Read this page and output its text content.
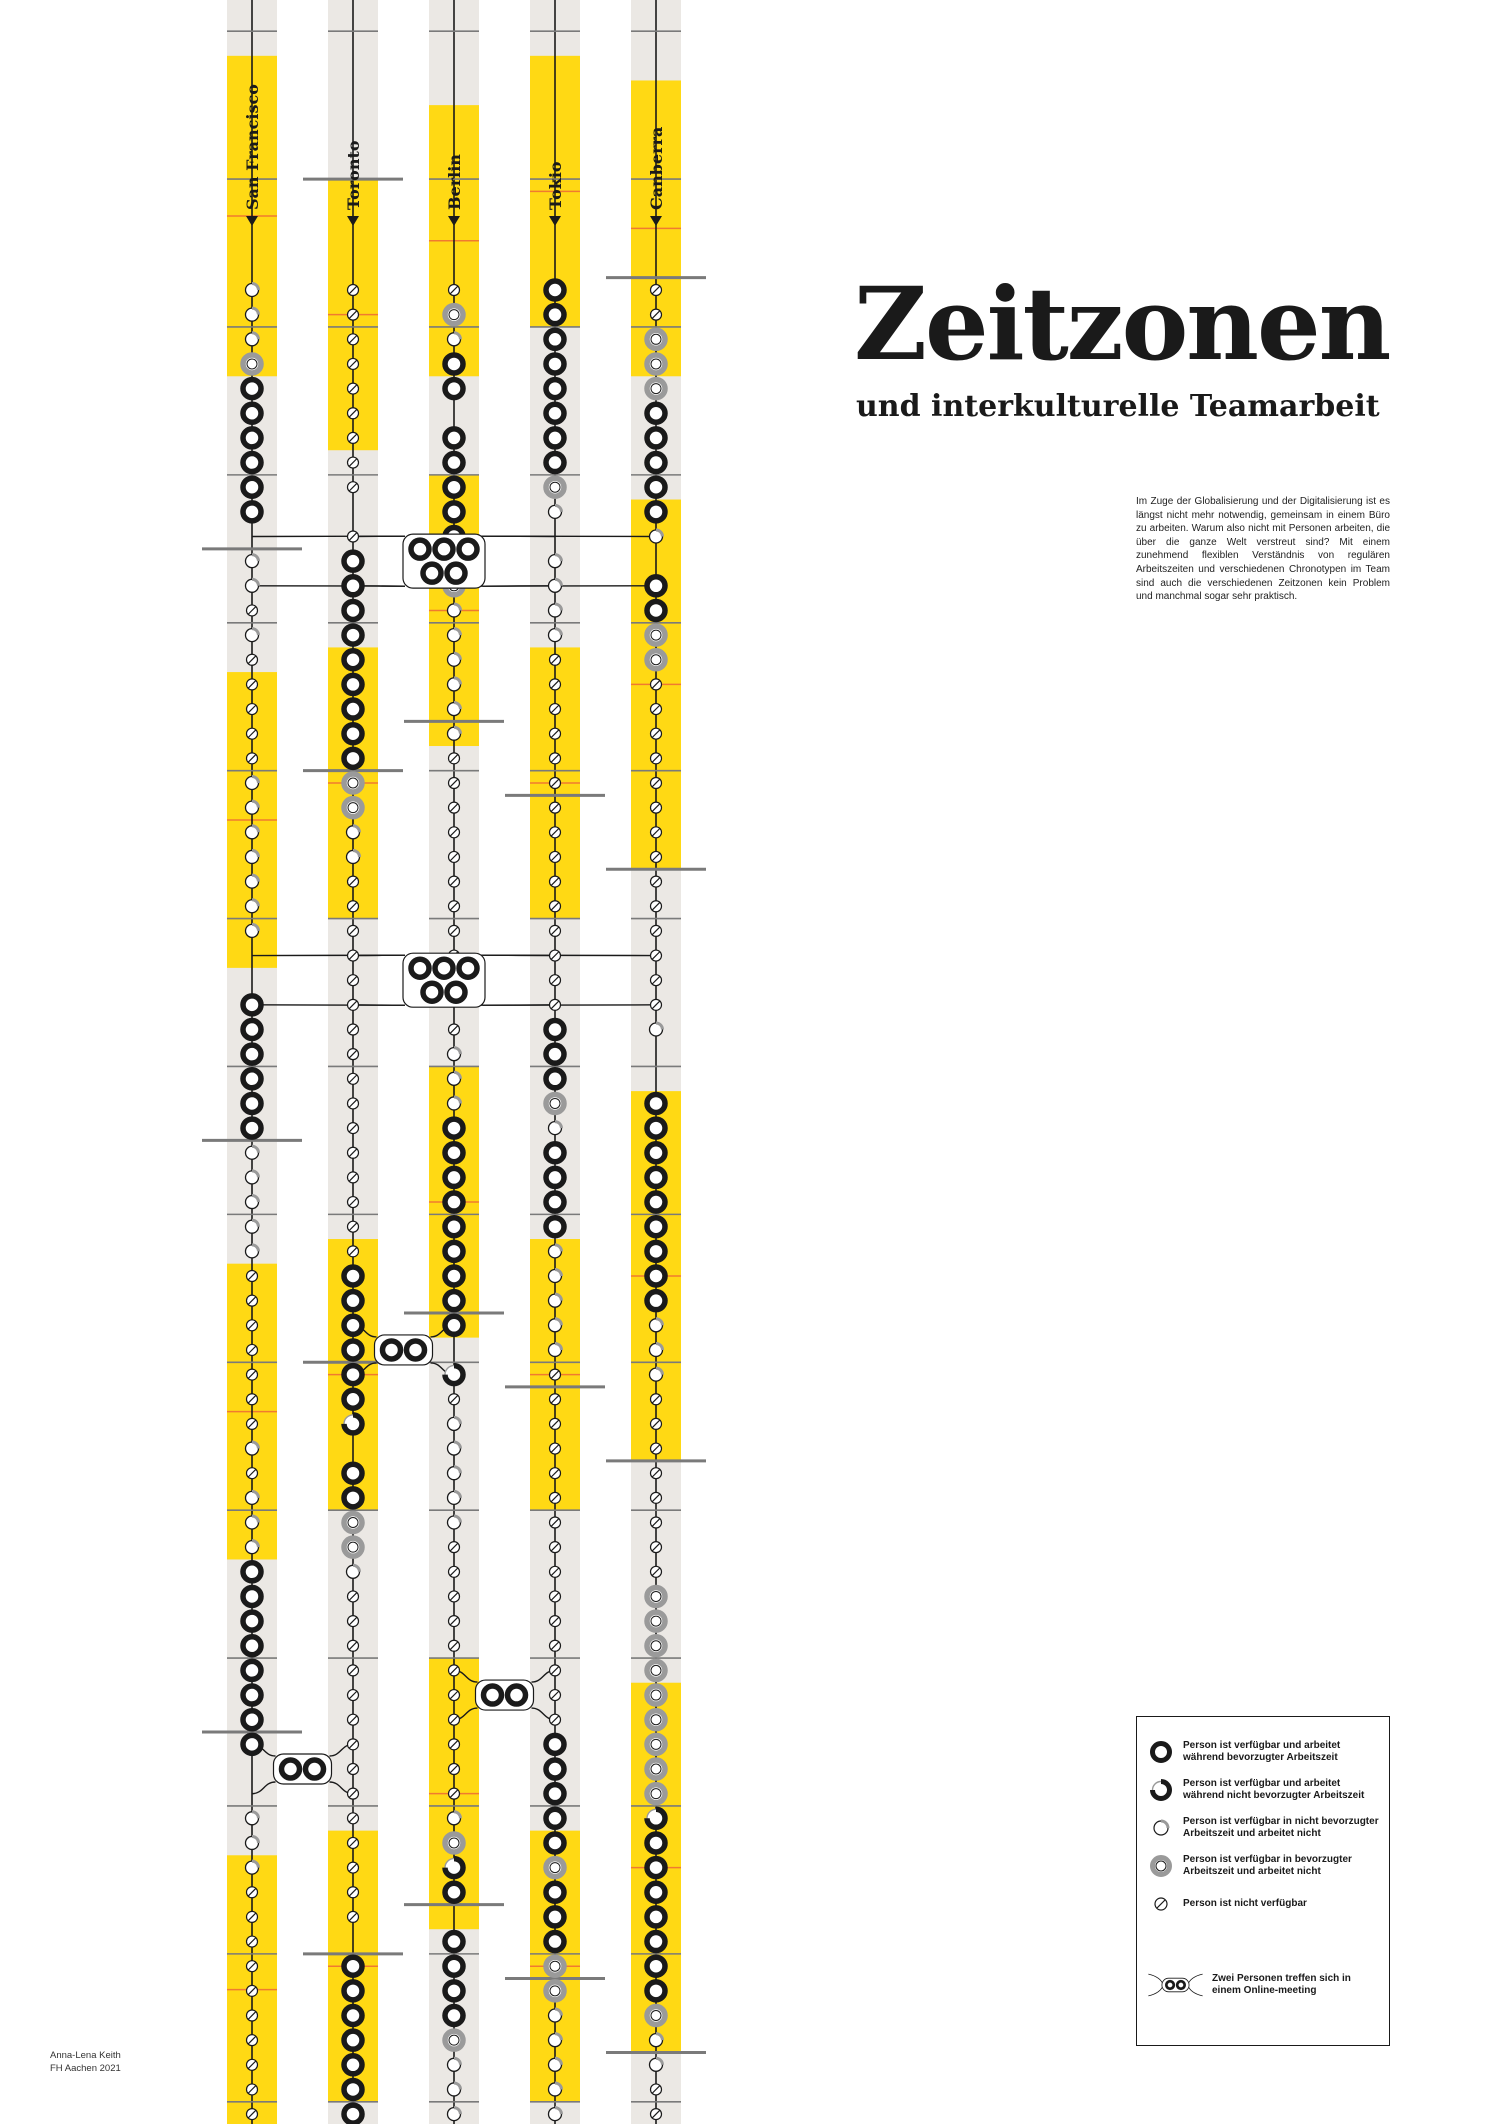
Zeitzonen
und interkulturelle Teamarbeit

Im Zuge der Globalisierung und der Digitalisierung ist es längst nicht mehr notwendig, gemeinsam in einem Büro zu arbeiten. Warum also nicht mit Personen arbeiten, die über die ganze Welt verstreut sind? Mit einem zunehmend flexiblen Verständnis von regulären Arbeitszeiten und verschiedenen Chronotypen im Team sind auch die verschiedenen Zeitzonen kein Problem und manchmal sogar sehr praktisch.

Person ist verfügbar und arbeitet während bevorzugter Arbeitszeit
Person ist verfügbar und arbeitet während nicht bevorzugter Arbeitszeit
Person ist verfügbar in nicht bevorzugter Arbeitszeit und arbeitet nicht
Person ist verfügbar in bevorzugter Arbeitszeit und arbeitet nicht
Person ist nicht verfügbar
Zwei Personen treffen sich in einem Online-meeting

Anna-Lena Keith
FH Aachen 2021
